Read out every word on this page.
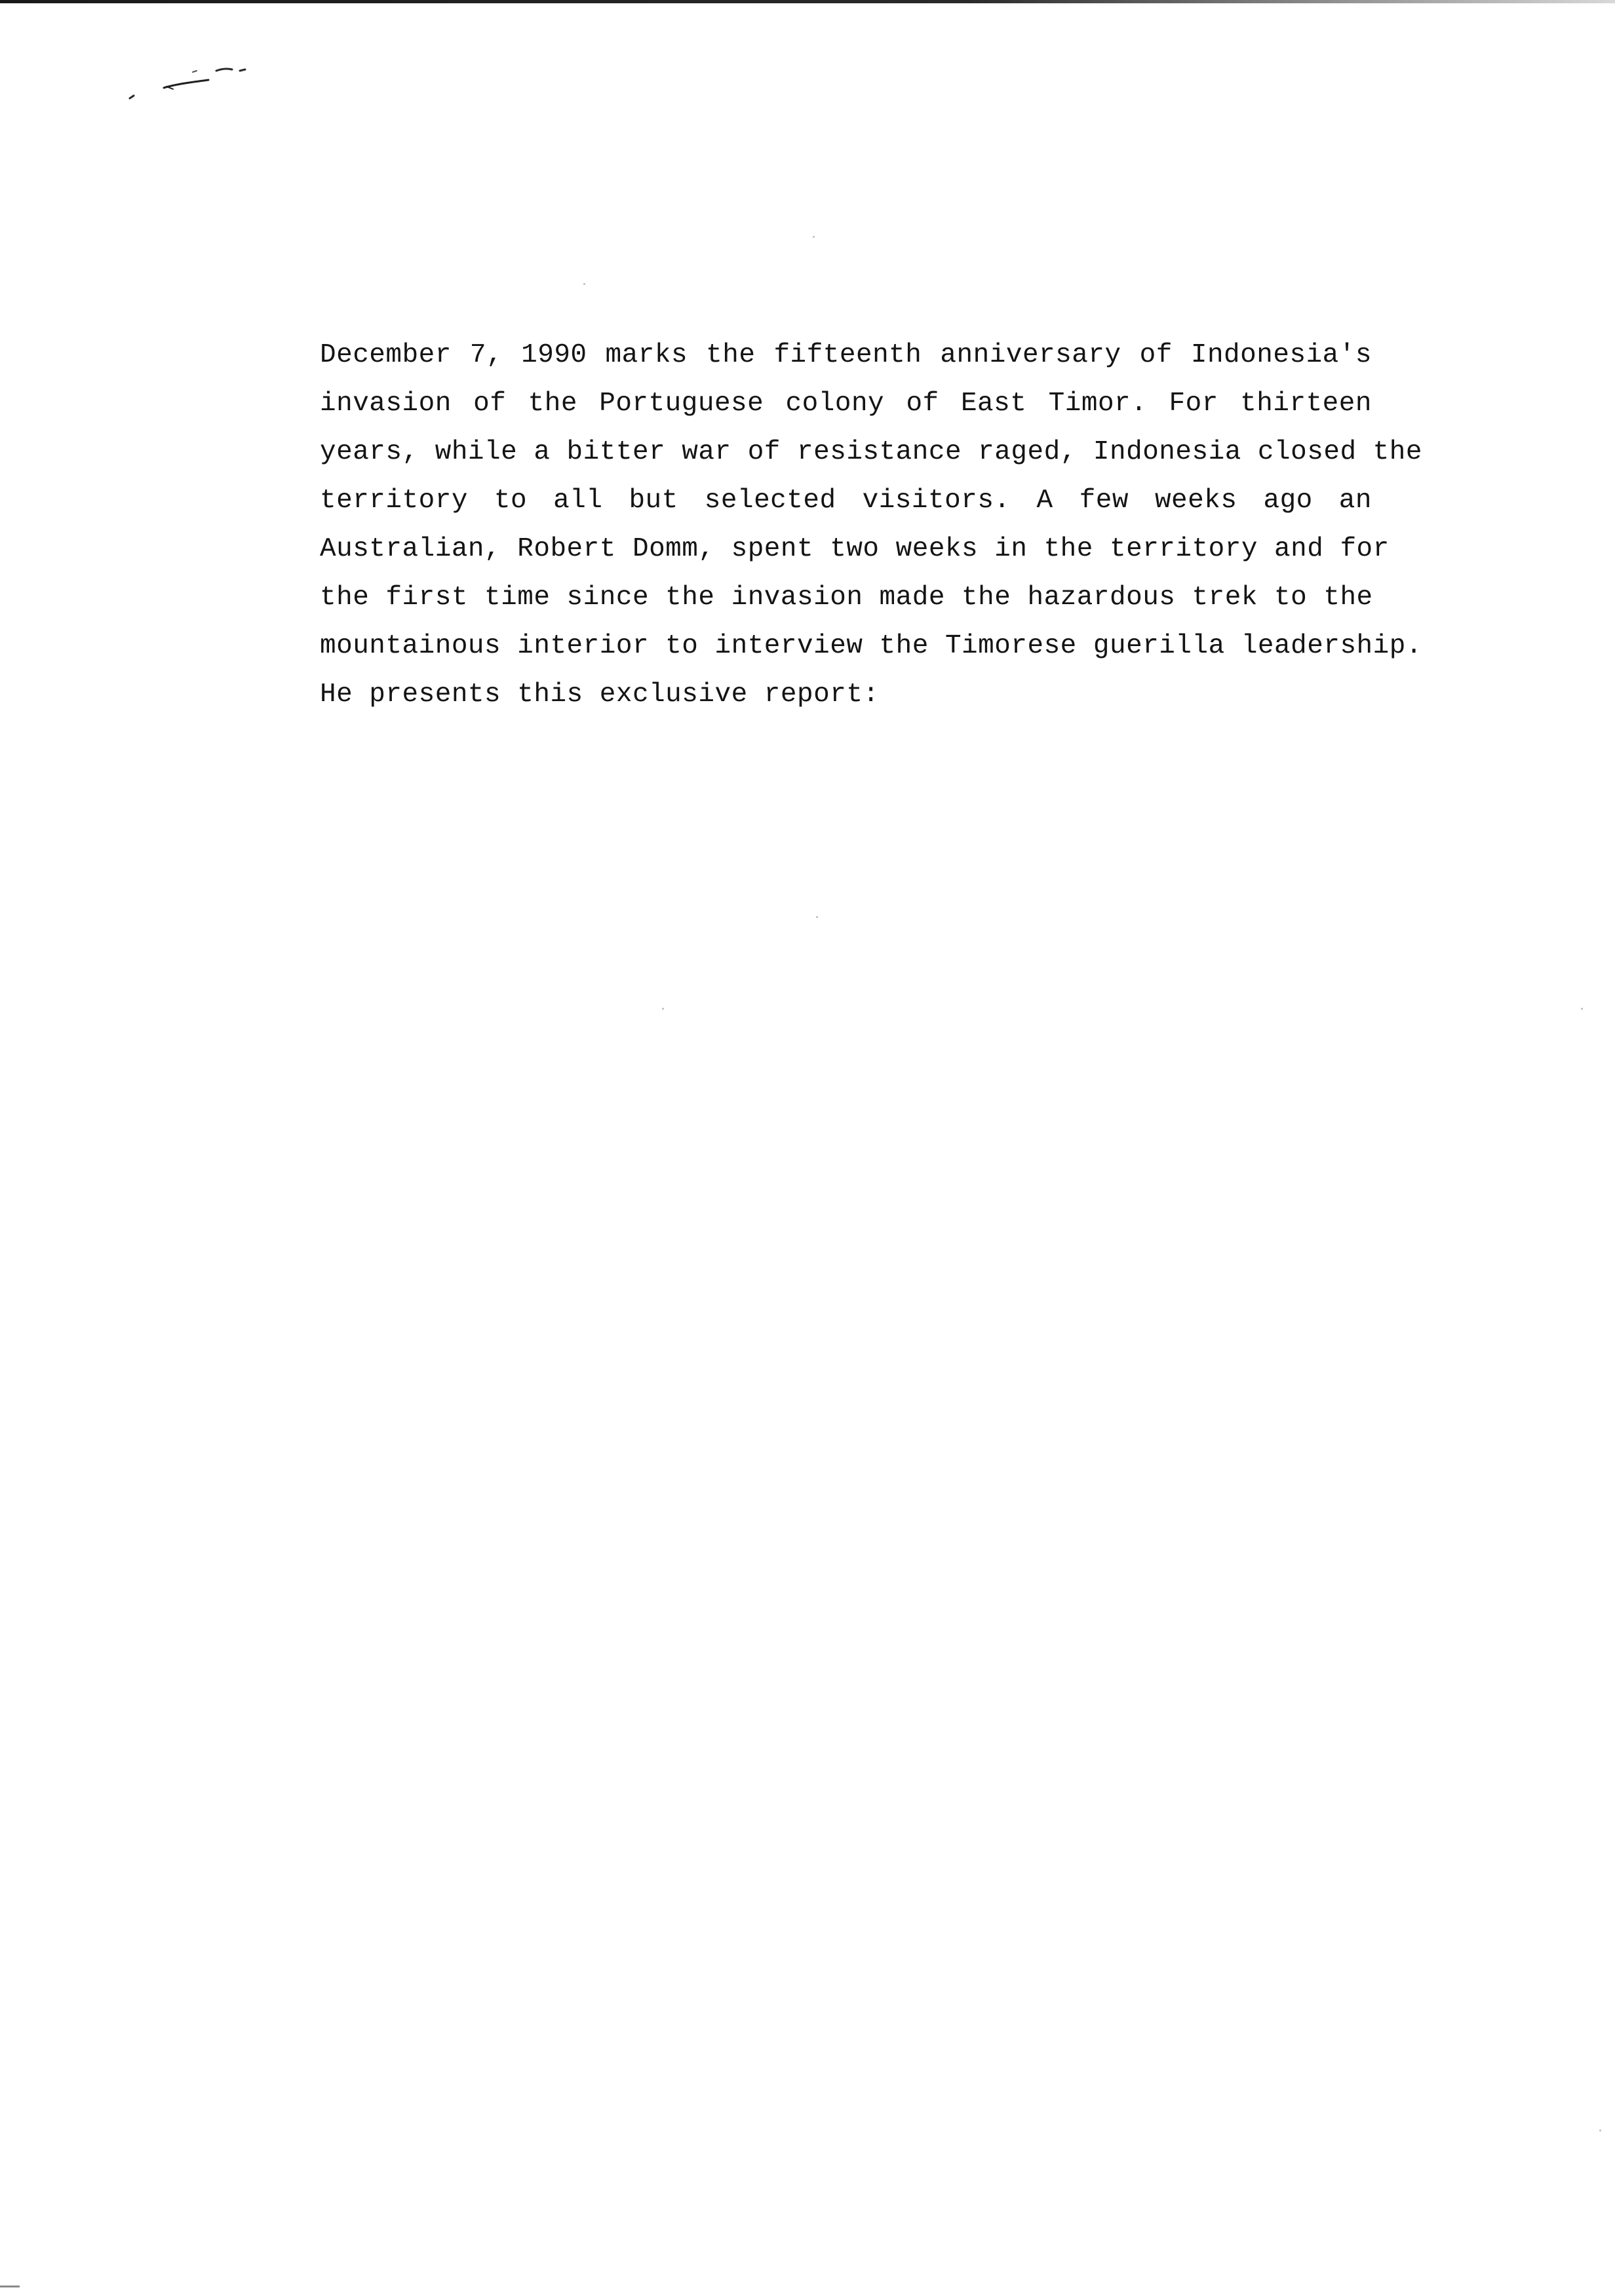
December 7, 1990 marks the fifteenth anniversary of Indonesia's
invasion of the Portuguese colony of East Timor. For thirteen
years, while a bitter war of resistance raged, Indonesia closed the
territory to all but selected visitors. A few weeks ago an
Australian, Robert Domm, spent two weeks in the territory and for
the first time since the invasion made the hazardous trek to the
mountainous interior to interview the Timorese guerilla leadership.
He presents this exclusive report:
